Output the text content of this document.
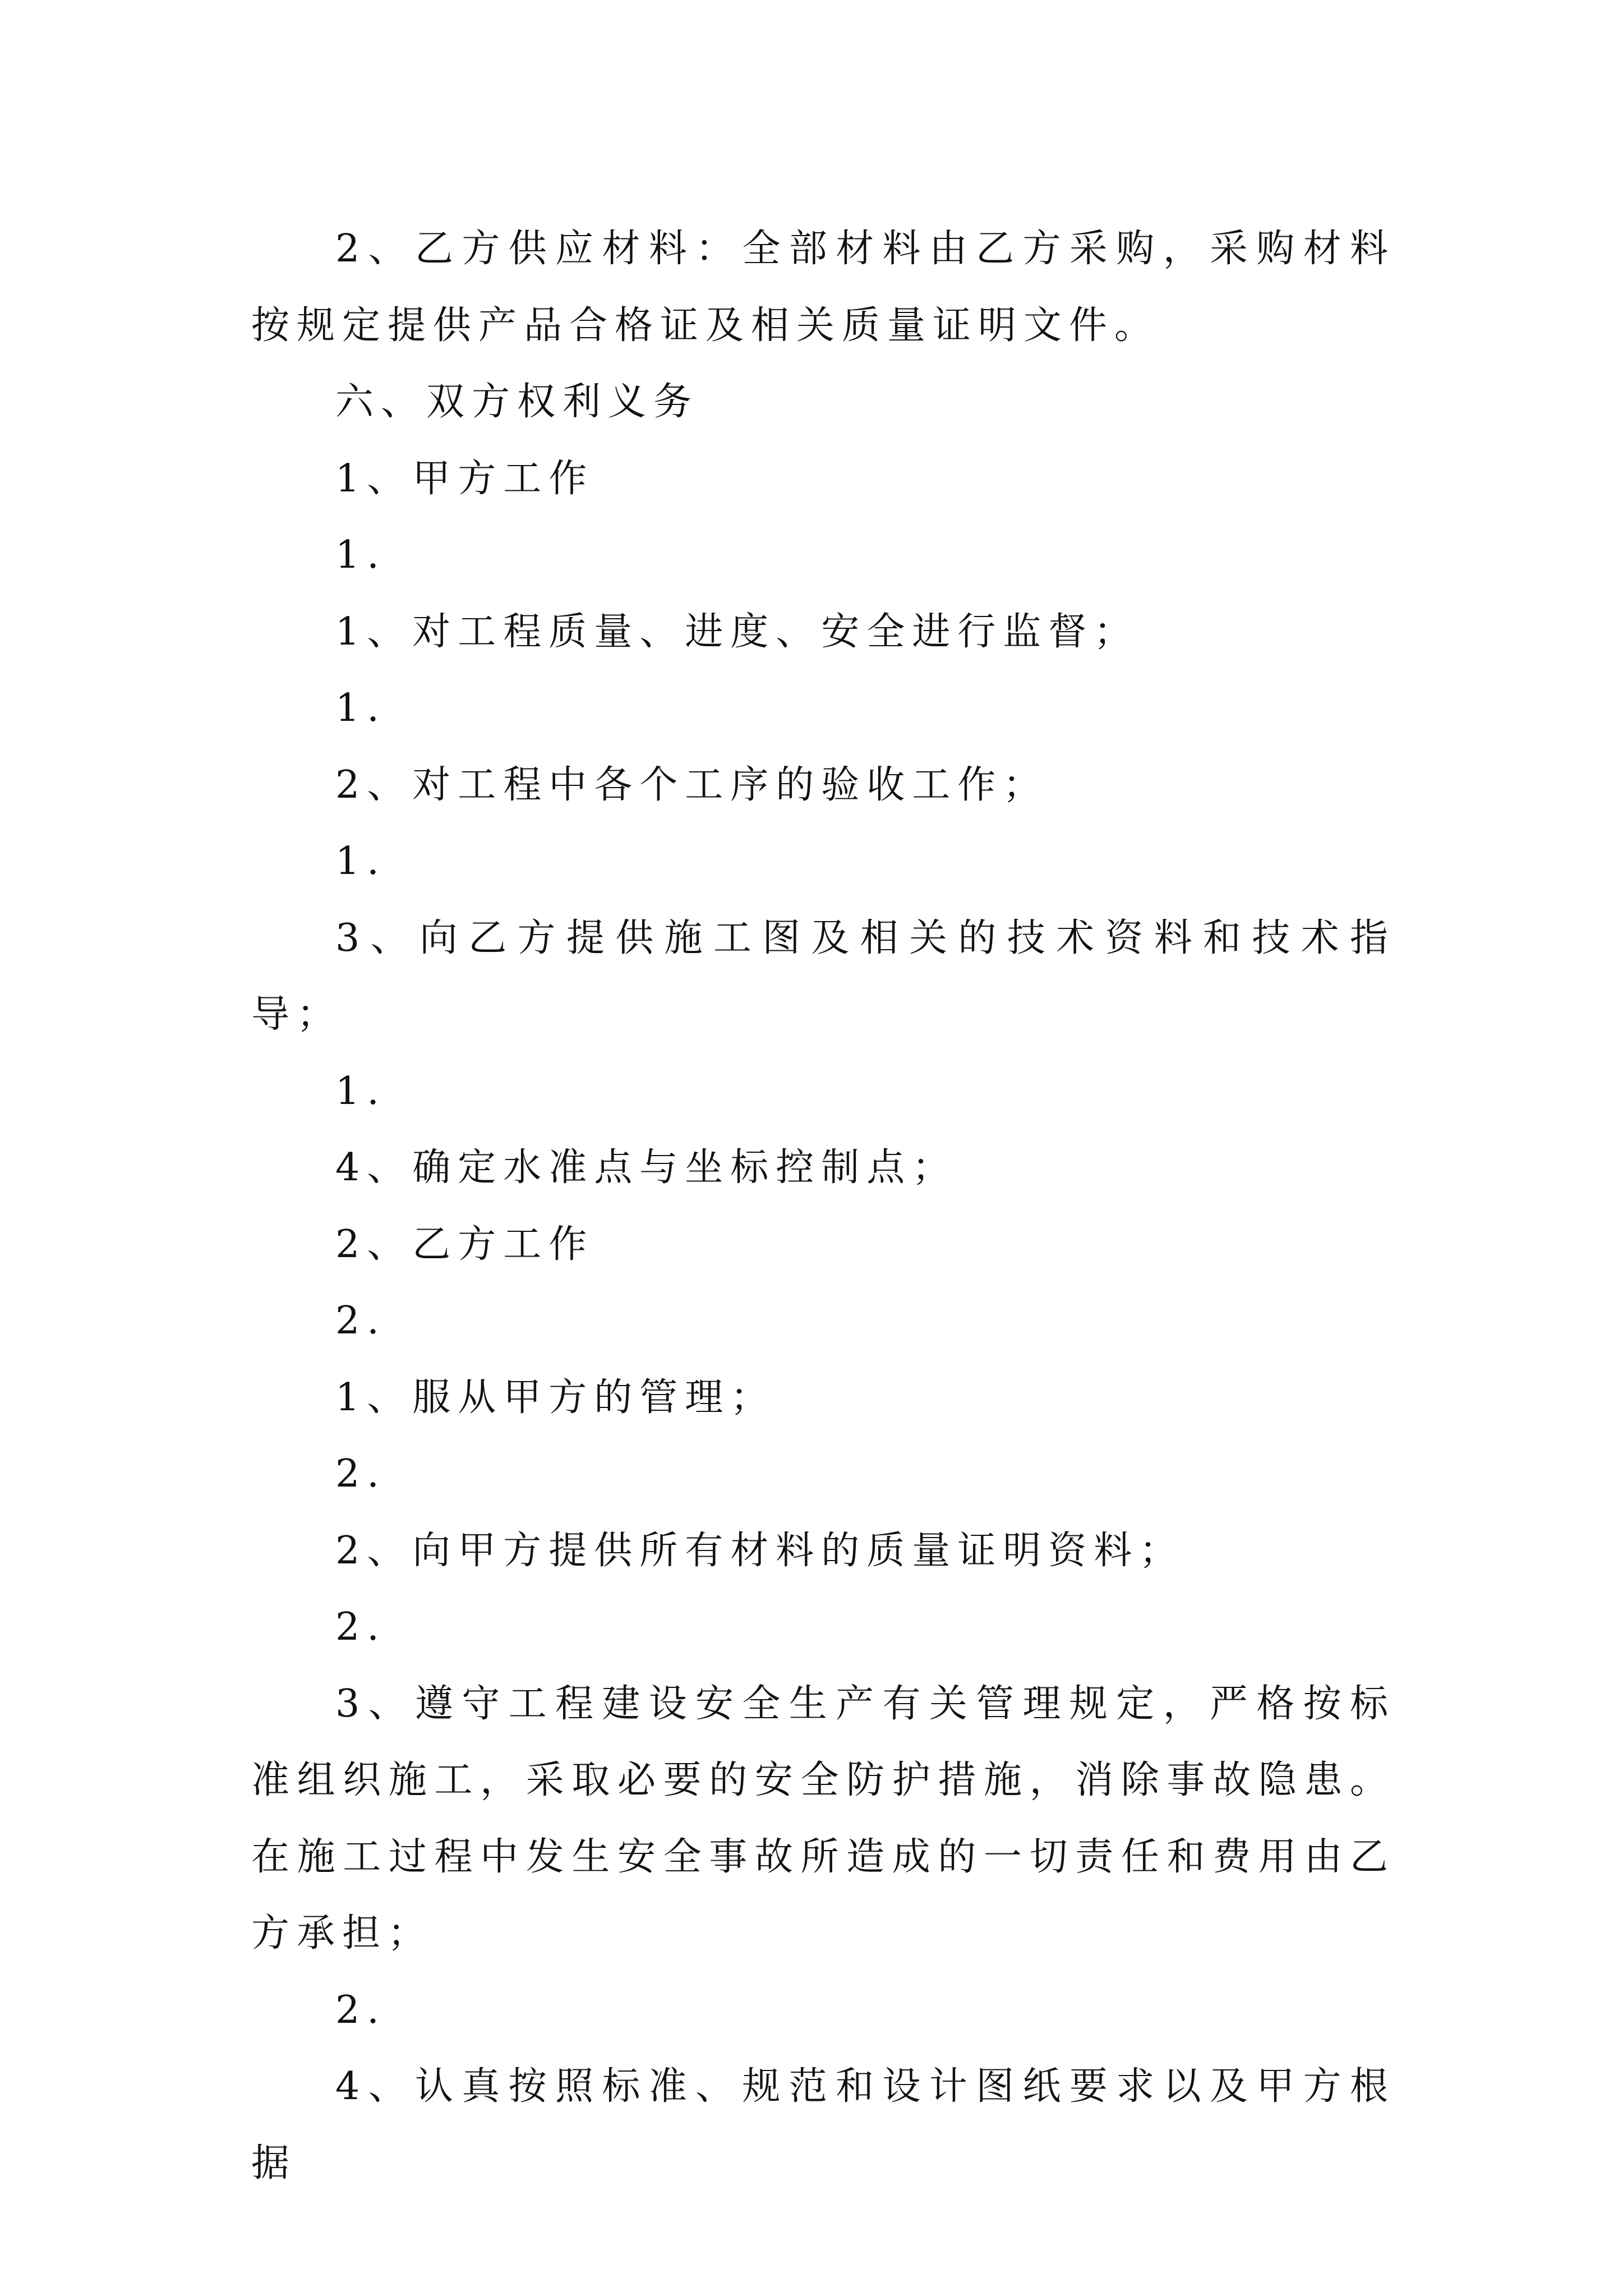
2、乙方供应材料：全部材料由乙方采购，采购材料按规定提供产品合格证及相关质量证明文件。

六、双方权利义务

1、甲方工作

1.

1、对工程质量、进度、安全进行监督；

1.

2、对工程中各个工序的验收工作；

1.

3、向乙方提供施工图及相关的技术资料和技术指导；

1.

4、确定水准点与坐标控制点；

2、乙方工作

2.

1、服从甲方的管理；

2.

2、向甲方提供所有材料的质量证明资料；

2.

3、遵守工程建设安全生产有关管理规定，严格按标准组织施工，采取必要的安全防护措施，消除事故隐患。在施工过程中发生安全事故所造成的一切责任和费用由乙方承担；

2.

4、认真按照标准、规范和设计图纸要求以及甲方根据
